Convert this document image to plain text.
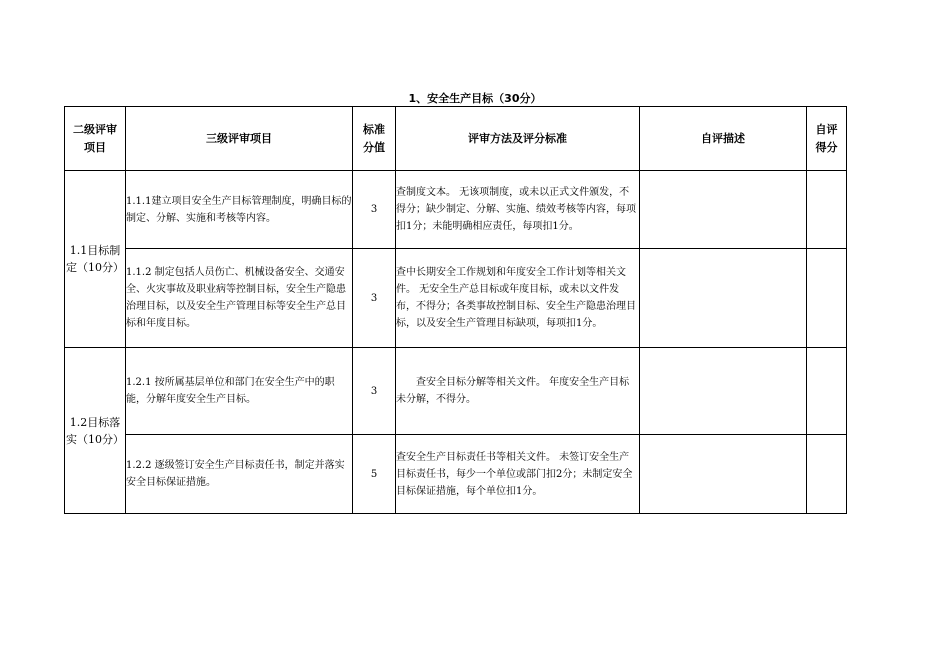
1、安全生产目标（30分）
二级评审项目	三级评审项目	标准分值	评审方法及评分标准	自评描述	自评得分
1.1目标制定（10分）	1.1.1建立项目安全生产目标管理制度，明确目标的制定、分解、实施和考核等内容。	3	查制度文本。 无该项制度，或未以正式文件颁发，不得分；缺少制定、分解、实施、绩效考核等内容，每项扣1分；未能明确相应责任，每项扣1分。		
	1.1.2 制定包括人员伤亡、机械设备安全、交通安全、火灾事故及职业病等控制目标，安全生产隐患治理目标，以及安全生产管理目标等安全生产总目标和年度目标。	3	查中长期安全工作规划和年度安全工作计划等相关文件。 无安全生产总目标或年度目标，或未以文件发布，不得分；各类事故控制目标、安全生产隐患治理目标，以及安全生产管理目标缺项，每项扣1分。		
1.2目标落实（10分）	1.2.1 按所属基层单位和部门在安全生产中的职能，分解年度安全生产目标。	3	查安全目标分解等相关文件。 年度安全生产目标未分解，不得分。		
	1.2.2 逐级签订安全生产目标责任书，制定并落实安全目标保证措施。	5	查安全生产目标责任书等相关文件。 未签订安全生产目标责任书，每少一个单位或部门扣2分；未制定安全目标保证措施，每个单位扣1分。		
